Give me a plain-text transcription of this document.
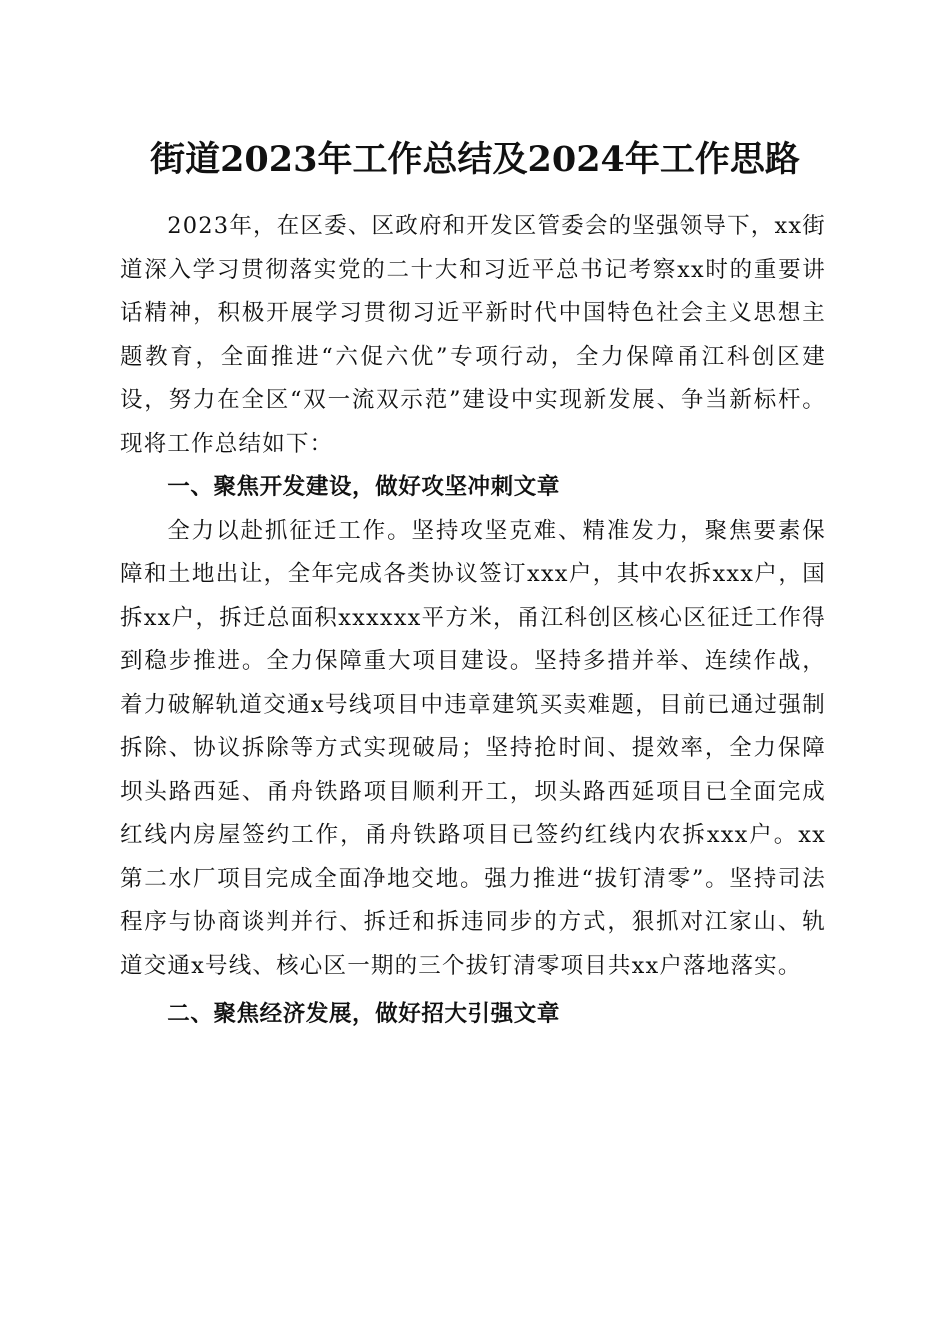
街道2023年工作总结及2024年工作思路

2023年，在区委、区政府和开发区管委会的坚强领导下，xx街道深入学习贯彻落实党的二十大和习近平总书记考察xx时的重要讲话精神，积极开展学习贯彻习近平新时代中国特色社会主义思想主题教育，全面推进“六促六优”专项行动，全力保障甬江科创区建设，努力在全区“双一流双示范”建设中实现新发展、争当新标杆。现将工作总结如下：

一、聚焦开发建设，做好攻坚冲刺文章

全力以赴抓征迁工作。坚持攻坚克难、精准发力，聚焦要素保障和土地出让，全年完成各类协议签订xxx户，其中农拆xxx户，国拆xx户，拆迁总面积xxxxxx平方米，甬江科创区核心区征迁工作得到稳步推进。全力保障重大项目建设。坚持多措并举、连续作战，着力破解轨道交通x号线项目中违章建筑买卖难题，目前已通过强制拆除、协议拆除等方式实现破局；坚持抢时间、提效率，全力保障坝头路西延、甬舟铁路项目顺利开工，坝头路西延项目已全面完成红线内房屋签约工作，甬舟铁路项目已签约红线内农拆xxx户。xx第二水厂项目完成全面净地交地。强力推进“拔钉清零”。坚持司法程序与协商谈判并行、拆迁和拆违同步的方式，狠抓对江家山、轨道交通x号线、核心区一期的三个拔钉清零项目共xx户落地落实。

二、聚焦经济发展，做好招大引强文章
